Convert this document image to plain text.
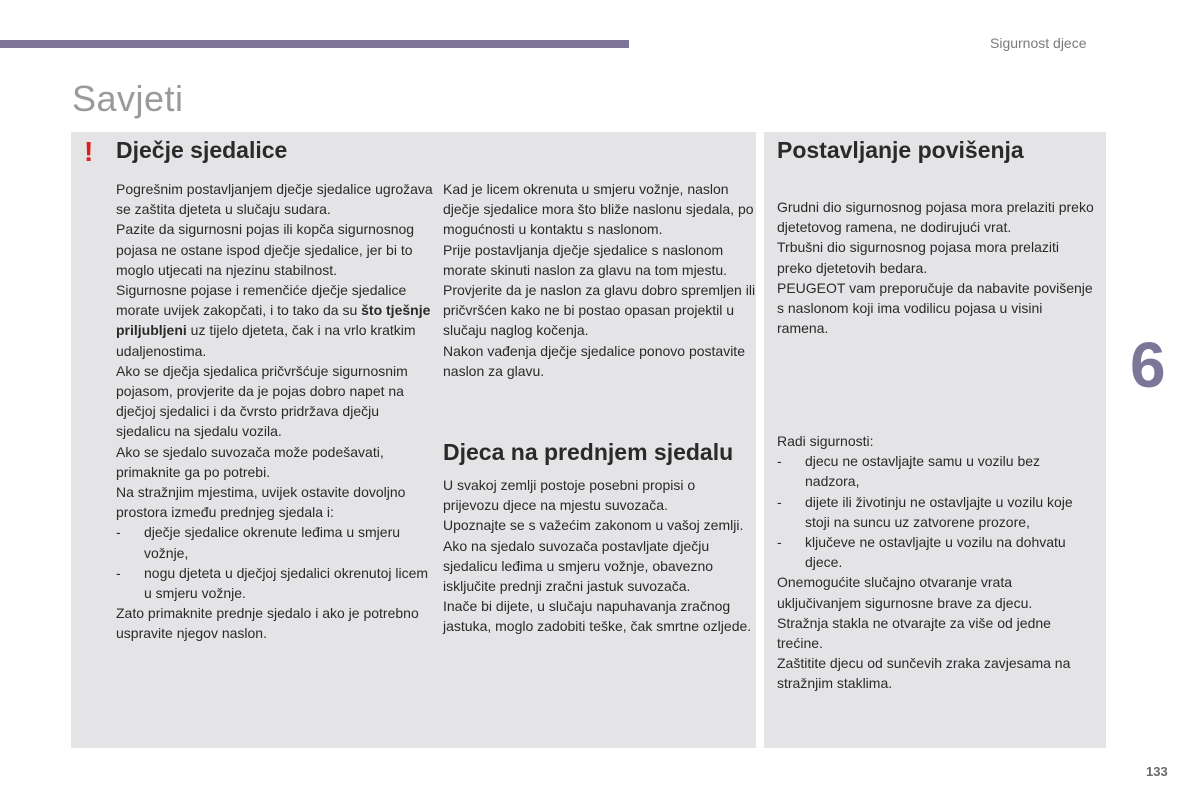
Sigurnost djece
Savjeti
! Dječje sjedalice

Pogrešnim postavljanjem dječje sjedalice ugrožava se zaštita djeteta u slučaju sudara.

Pazite da sigurnosni pojas ili kopča sigurnosnog pojasa ne ostane ispod dječje sjedalice, jer bi to moglo utjecati na njezinu stabilnost.

Sigurnosne pojase i remenčiće dječje sjedalice morate uvijek zakopčati, i to tako da su što tješnje priljubljeni uz tijelo djeteta, čak i na vrlo kratkim udaljenostima.

Ako se dječja sjedalica pričvršćuje sigurnosnim pojasom, provjerite da je pojas dobro napet na dječjoj sjedalici i da čvrsto pridržava dječju sjedalicu na sjedalu vozila.

Ako se sjedalo suvozača može podešavati, primaknite ga po potrebi.

Na stražnjim mjestima, uvijek ostavite dovoljno prostora između prednjeg sjedala i:

- dječje sjedalice okrenute leđima u smjeru vožnje,
- nogu djeteta u dječjoj sjedalici okrenutoj licem u smjeru vožnje.

Zato primaknite prednje sjedalo i ako je potrebno uspravite njegov naslon.

Kad je licem okrenuta u smjeru vožnje, naslon dječje sjedalice mora što bliže naslonu sjedala, po mogućnosti u kontaktu s naslonom.

Prije postavljanja dječje sjedalice s naslonom morate skinuti naslon za glavu na tom mjestu.

Provjerite da je naslon za glavu dobro spremljen ili pričvršćen kako ne bi postao opasan projektil u slučaju naglog kočenja.

Nakon vađenja dječje sjedalice ponovo postavite naslon za glavu.

Djeca na prednjem sjedalu

U svakoj zemlji postoje posebni propisi o prijevozu djece na mjestu suvozača.

Upoznajte se s važećim zakonom u vašoj zemlji.

Ako na sjedalo suvozača postavljate dječju sjedalicu leđima u smjeru vožnje, obavezno isključite prednji zračni jastuk suvozača.

Inače bi dijete, u slučaju napuhavanja zračnog jastuka, moglo zadobiti teške, čak smrtne ozljede.

Postavljanje povišenja

Grudni dio sigurnosnog pojasa mora prelaziti preko djetetovog ramena, ne dodirujući vrat.

Trbušni dio sigurnosnog pojasa mora prelaziti preko djetetovih bedara.

PEUGEOT vam preporučuje da nabavite povišenje s naslonom koji ima vodilicu pojasa u visini ramena.

Radi sigurnosti:

- djecu ne ostavljajte samu u vozilu bez nadzora,
- dijete ili životinju ne ostavljajte u vozilu koje stoji na suncu uz zatvorene prozore,
- ključeve ne ostavljajte u vozilu na dohvatu djece.

Onemogućite slučajno otvaranje vrata uključivanjem sigurnosne brave za djecu.

Stražnja stakla ne otvarajte za više od jedne trećine.

Zaštitite djecu od sunčevih zraka zavjesama na stražnjim staklima.

6
133
